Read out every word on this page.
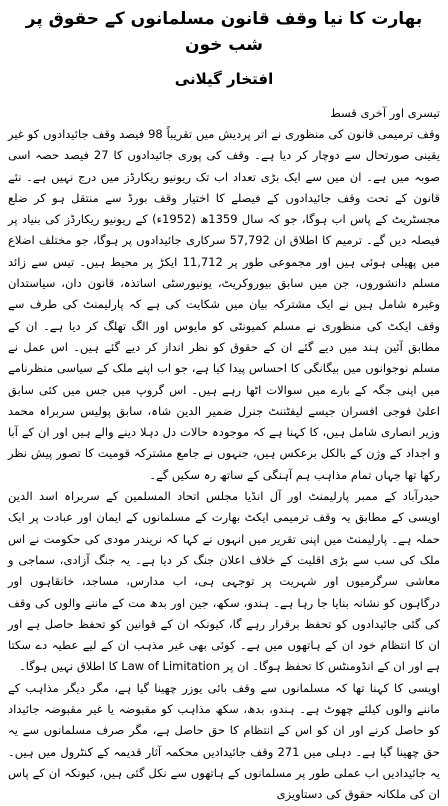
بھارت کا نیا وقف قانون مسلمانوں کے حقوق پر شب خون
افتخار گیلانی
تیسری اور آخری قسط

وقف ترمیمی قانون کی منظوری نے اتر پردیش میں تقریباً 98 فیصد وقف جائیدادوں کو غیر یقینی صورتحال سے دوچار کر دیا ہے۔ وقف کی پوری جائیدادوں کا 27 فیصد حصہ اسی صوبہ میں ہے۔ ان میں سے ایک بڑی تعداد اب تک ریونیو ریکارڈز میں درج نہیں ہے۔ نئے قانون کے تحت وقف جائیدادوں کے فیصلے کا اختیار وقف بورڈ سے منتقل ہو کر ضلع مجسٹریٹ کے پاس اب ہوگا، جو کہ سال 1359ھ (1952ء) کے ریونیو ریکارڈز کی بنیاد پر فیصلہ دیں گے۔ ترمیم کا اطلاق ان 57,792 سرکاری جائیدادوں پر ہوگا، جو مختلف اضلاع میں پھیلی ہوئی ہیں اور مجموعی طور پر 11,712 ایکڑ پر محیط ہیں۔ تیس سے زائد مسلم دانشوروں، جن میں سابق بیوروکریٹ، یونیورسٹی اساتذہ، قانون دان، سیاستدان وغیرہ شامل ہیں نے ایک مشترکہ بیان میں شکایت کی ہے کہ پارلیمنٹ کی طرف سے وقف ایکٹ کی منظوری نے مسلم کمیونٹی کو مایوس اور الگ تھلگ کر دیا ہے۔ ان کے مطابق آئین ہند میں دیے گئے ان کے حقوق کو نظر انداز کر دیے گئے ہیں۔ اس عمل نے مسلم نوجوانوں میں بیگانگی کا احساس پیدا کیا ہے، جو اب اپنے ملک کے سیاسی منظرنامے میں اپنی جگہ کے بارے میں سوالات اٹھا رہے ہیں۔ اس گروپ میں جس میں کئی سابق اعلیٰ فوجی افسران جیسے لیفٹننٹ جنرل ضمیر الدین شاہ، سابق پولیس سربراہ محمد وزیر انصاری شامل ہیں، کا کہنا ہے کہ موجودہ حالات دل دہلا دینے والے ہیں اور ان کے آبا و اجداد کے وژن کے بالکل برعکس ہیں، جنہوں نے جامع مشترکہ قومیت کا تصور پیش نظر رکھا تھا جہاں تمام مذاہب ہم آہنگی کے ساتھ رہ سکیں گے۔

حیدرآباد کے ممبر پارلیمنٹ اور آل انڈیا مجلس اتحاد المسلمین کے سربراہ اسد الدین اویسی کے مطابق یہ وقف ترمیمی ایکٹ بھارت کے مسلمانوں کے ایمان اور عبادت پر ایک حملہ ہے۔ پارلیمنٹ میں اپنی تقریر میں انہوں نے کہا کہ نریندر مودی کی حکومت نے اس ملک کی سب سے بڑی اقلیت کے خلاف اعلان جنگ کر دیا ہے۔ یہ جنگ آزادی، سماجی و معاشی سرگرمیوں اور شہریت پر توجہی ہی، اب مدارس، مساجد، خانقاہوں اور درگاہوں کو نشانہ بنایا جا رہا ہے۔ ہندو، سکھ، جین اور بدھ مت کے ماننے والوں کی وقف کی گئی جائیدادوں کو تحفظ برقرار رہے گا، کیونکہ ان کے قوانین کو تحفظ حاصل ہے اور ان کا انتظام خود ان کے ہاتھوں میں ہے۔ کوئی بھی غیر مذہب ان کے لیے عطیہ دے سکتا ہے اور ان کے انڈومنٹس کا تحفظ ہوگا۔ ان پر Law of Limitation کا اطلاق نہیں ہوگا۔

اویسی کا کہنا تھا کہ مسلمانوں سے وقف بائی یوزر چھینا گیا ہے، مگر دیگر مذاہب کے ماننے والوں کیلئے چھوٹ ہے۔ ہندو، بدھ، سکھ مذاہب کو مقبوضہ یا غیر مقبوضہ جائیداد کو حاصل کرنے اور ان کو اس کے انتظام کا حق حاصل ہے، مگر صرف مسلمانوں سے یہ حق چھینا گیا ہے۔ دہلی میں 271 وقف جائیدادیں محکمہ آثار قدیمہ کے کنٹرول میں ہیں۔ یہ جائیدادیں اب عملی طور پر مسلمانوں کے ہاتھوں سے نکل گئی ہیں، کیونکہ ان کے پاس ان کی ملکانہ حقوق کی دستاویزی
